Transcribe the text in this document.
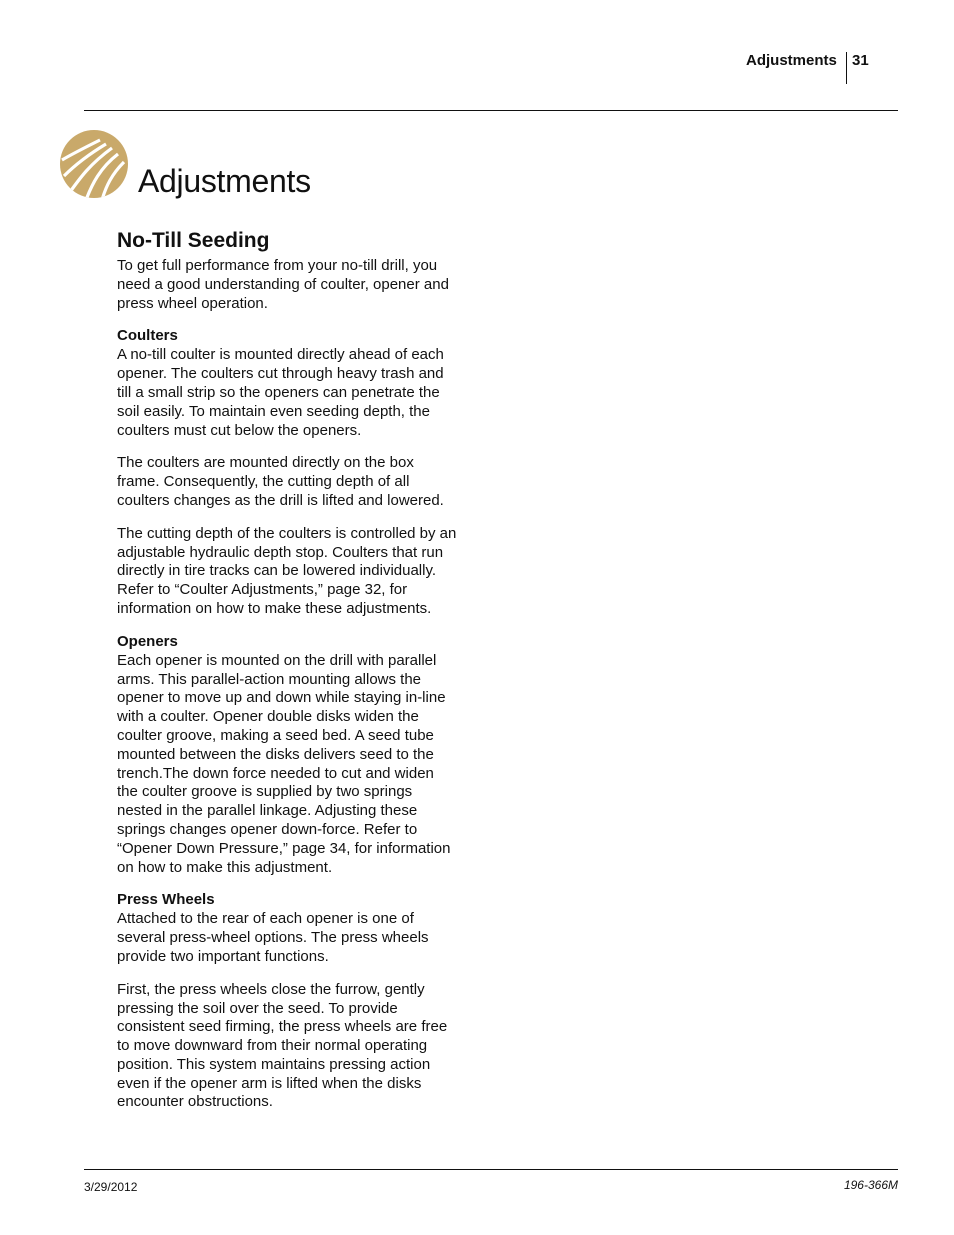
Adjustments 31
Adjustments
No-Till Seeding

To get full performance from your no-till drill, you need a good understanding of coulter, opener and press wheel operation.

Coulters

A no-till coulter is mounted directly ahead of each opener. The coulters cut through heavy trash and till a small strip so the openers can penetrate the soil easily. To maintain even seeding depth, the coulters must cut below the openers.

The coulters are mounted directly on the box frame. Consequently, the cutting depth of all coulters changes as the drill is lifted and lowered.

The cutting depth of the coulters is controlled by an adjustable hydraulic depth stop. Coulters that run directly in tire tracks can be lowered individually. Refer to “Coulter Adjustments,” page 32, for information on how to make these adjustments.

Openers

Each opener is mounted on the drill with parallel arms. This parallel-action mounting allows the opener to move up and down while staying in-line with a coulter. Opener double disks widen the coulter groove, making a seed bed. A seed tube mounted between the disks delivers seed to the trench.The down force needed to cut and widen the coulter groove is supplied by two springs nested in the parallel linkage. Adjusting these springs changes opener down-force. Refer to “Opener Down Pressure,” page 34, for information on how to make this adjustment.

Press Wheels

Attached to the rear of each opener is one of several press-wheel options. The press wheels provide two important functions.

First, the press wheels close the furrow, gently pressing the soil over the seed. To provide consistent seed firming, the press wheels are free to move downward from their normal operating position. This system maintains pressing action even if the opener arm is lifted when the disks encounter obstructions.

3/29/2012	196-366M
